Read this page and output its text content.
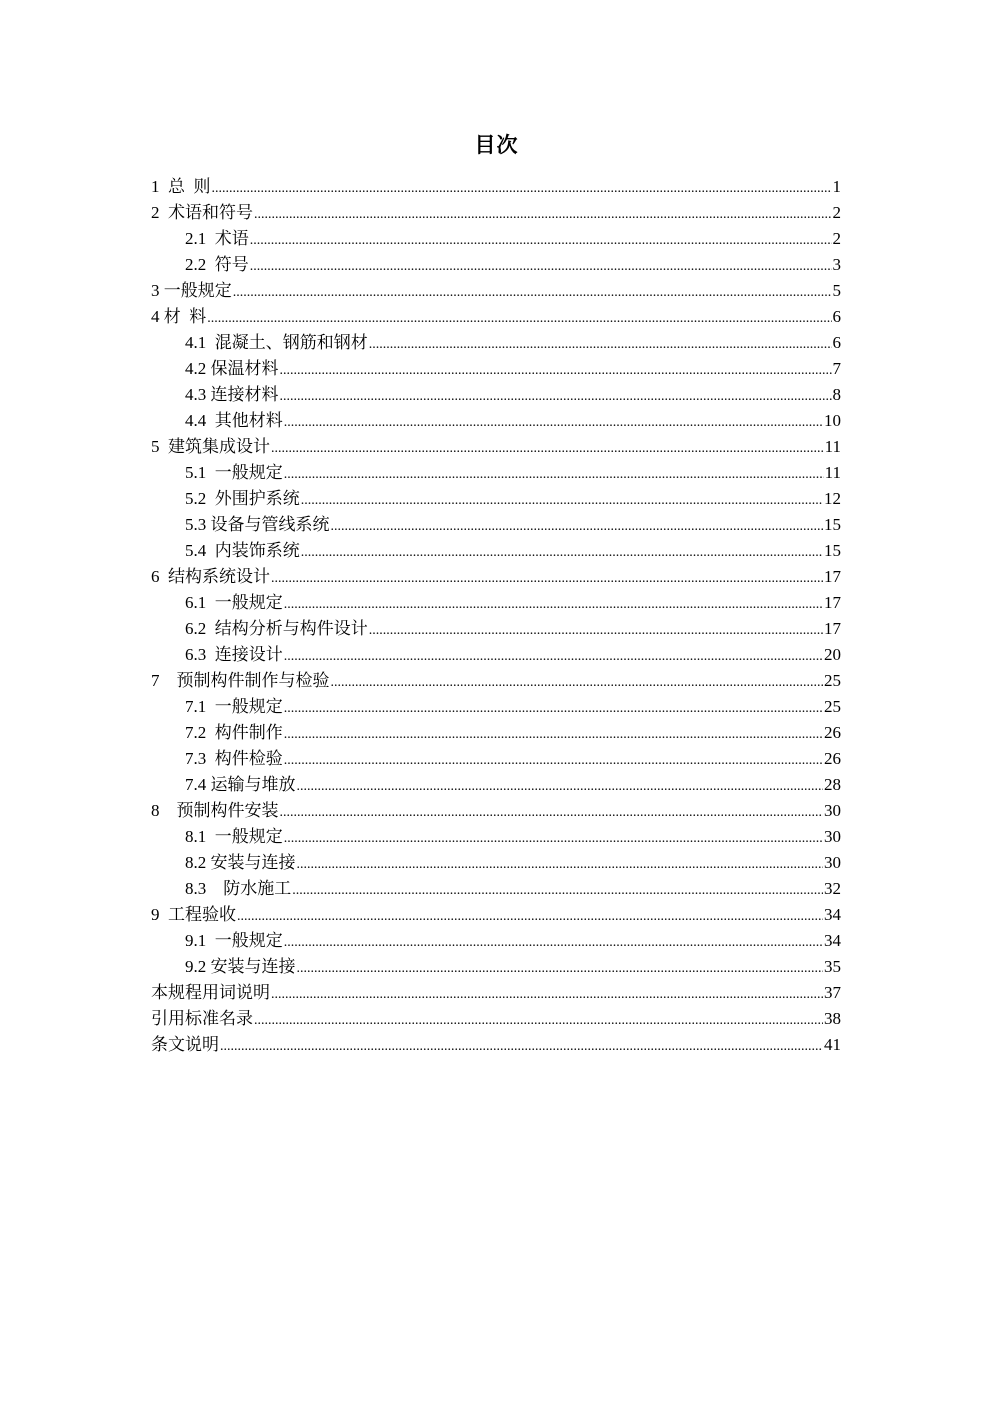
目次
1  总  则 .....	1
2  术语和符号 .....	2
2.1  术语 .....	2
2.2  符号 .....	3
3 一般规定 .....	5
4 材  料 .....	6
4.1  混凝土、钢筋和钢材 .....	6
4.2 保温材料 .....	7
4.3 连接材料 .....	8
4.4  其他材料 .....	10
5  建筑集成设计 .....	11
5.1  一般规定 .....	11
5.2  外围护系统 .....	12
5.3 设备与管线系统 .....	15
5.4  内装饰系统 .....	15
6  结构系统设计 .....	17
6.1  一般规定 .....	17
6.2  结构分析与构件设计 .....	17
6.3  连接设计 .....	20
7    预制构件制作与检验 .....	25
7.1  一般规定 .....	25
7.2  构件制作 .....	26
7.3  构件检验 .....	26
7.4 运输与堆放 .....	28
8    预制构件安装 .....	30
8.1  一般规定 .....	30
8.2 安装与连接 .....	30
8.3    防水施工 .....	32
9  工程验收 .....	34
9.1  一般规定 .....	34
9.2 安装与连接 .....	35
本规程用词说明 .....	37
引用标准名录 .....	38
条文说明 .....	41
